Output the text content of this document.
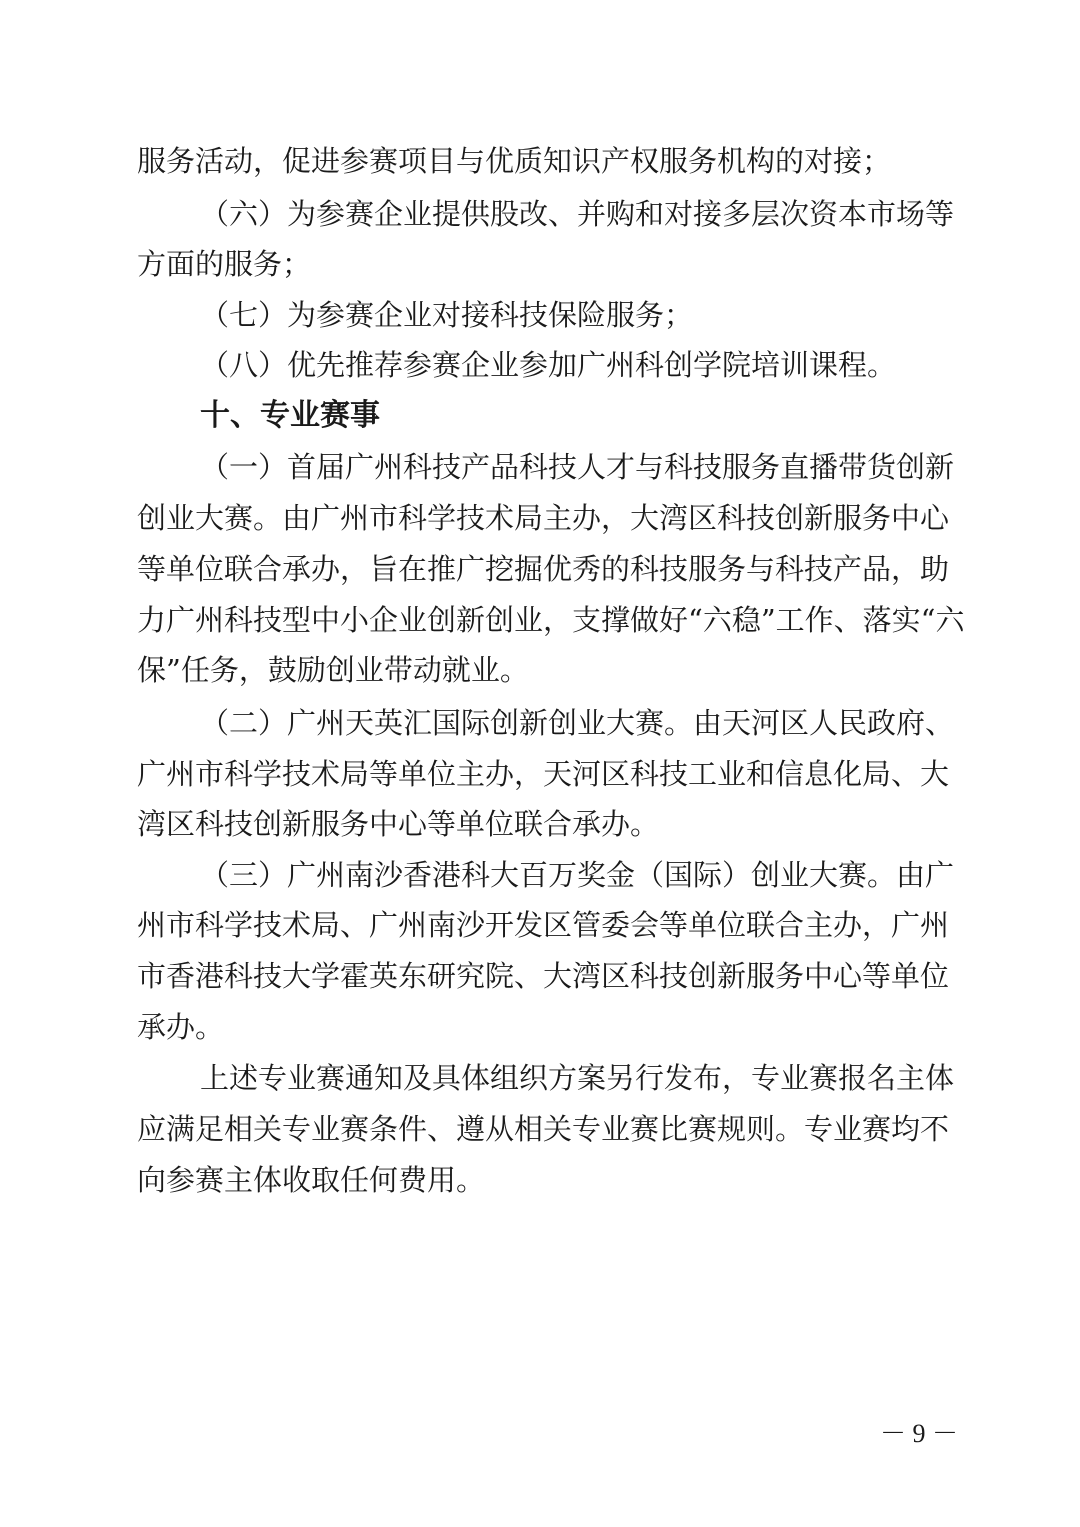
服务活动，促进参赛项目与优质知识产权服务机构的对接；
（六）为参赛企业提供股改、并购和对接多层次资本市场等
方面的服务；
（七）为参赛企业对接科技保险服务；
（八）优先推荐参赛企业参加广州科创学院培训课程。
十、专业赛事
（一）首届广州科技产品科技人才与科技服务直播带货创新
创业大赛。由广州市科学技术局主办，大湾区科技创新服务中心
等单位联合承办，旨在推广挖掘优秀的科技服务与科技产品，助
力广州科技型中小企业创新创业，支撑做好“六稳”工作、落实“六
保”任务，鼓励创业带动就业。
（二）广州天英汇国际创新创业大赛。由天河区人民政府、
广州市科学技术局等单位主办，天河区科技工业和信息化局、大
湾区科技创新服务中心等单位联合承办。
（三）广州南沙香港科大百万奖金（国际）创业大赛。由广
州市科学技术局、广州南沙开发区管委会等单位联合主办，广州
市香港科技大学霍英东研究院、大湾区科技创新服务中心等单位
承办。
上述专业赛通知及具体组织方案另行发布，专业赛报名主体
应满足相关专业赛条件、遵从相关专业赛比赛规则。专业赛均不
向参赛主体收取任何费用。
－ 9 －
